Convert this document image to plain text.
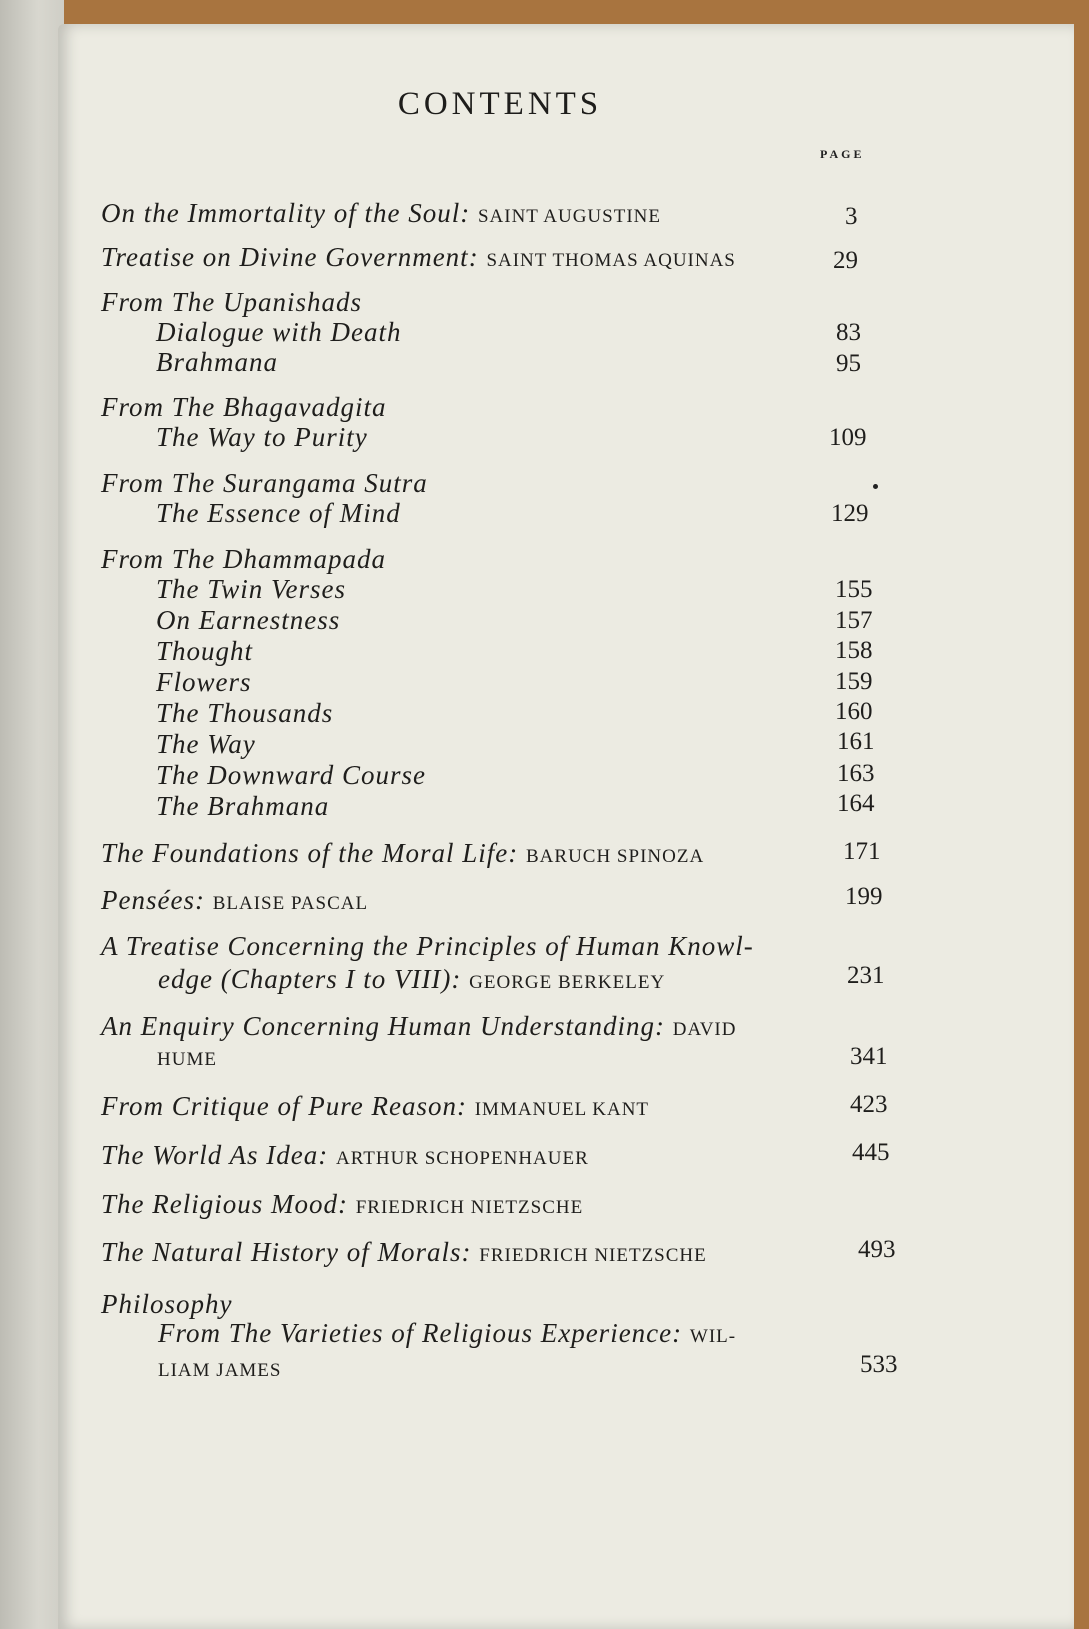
CONTENTS
PAGE
On the Immortality of the Soul: SAINT AUGUSTINE	3
Treatise on Divine Government: SAINT THOMAS AQUINAS	29
From The Upanishads
Dialogue with Death	83
Brahmana	95
From The Bhagavadgita
The Way to Purity	109
From The Surangama Sutra
The Essence of Mind	129
From The Dhammapada
The Twin Verses	155
On Earnestness	157
Thought	158
Flowers	159
The Thousands	160
The Way	161
The Downward Course	163
The Brahmana	164
The Foundations of the Moral Life: BARUCH SPINOZA	171
Pensées: BLAISE PASCAL	199
A Treatise Concerning the Principles of Human Knowl-
edge (Chapters I to VIII): GEORGE BERKELEY	231
An Enquiry Concerning Human Understanding: DAVID
HUME	341
From Critique of Pure Reason: IMMANUEL KANT	423
The World As Idea: ARTHUR SCHOPENHAUER	445
The Religious Mood: FRIEDRICH NIETZSCHE
The Natural History of Morals: FRIEDRICH NIETZSCHE	493
Philosophy
From The Varieties of Religious Experience: WIL-
LIAM JAMES	533
